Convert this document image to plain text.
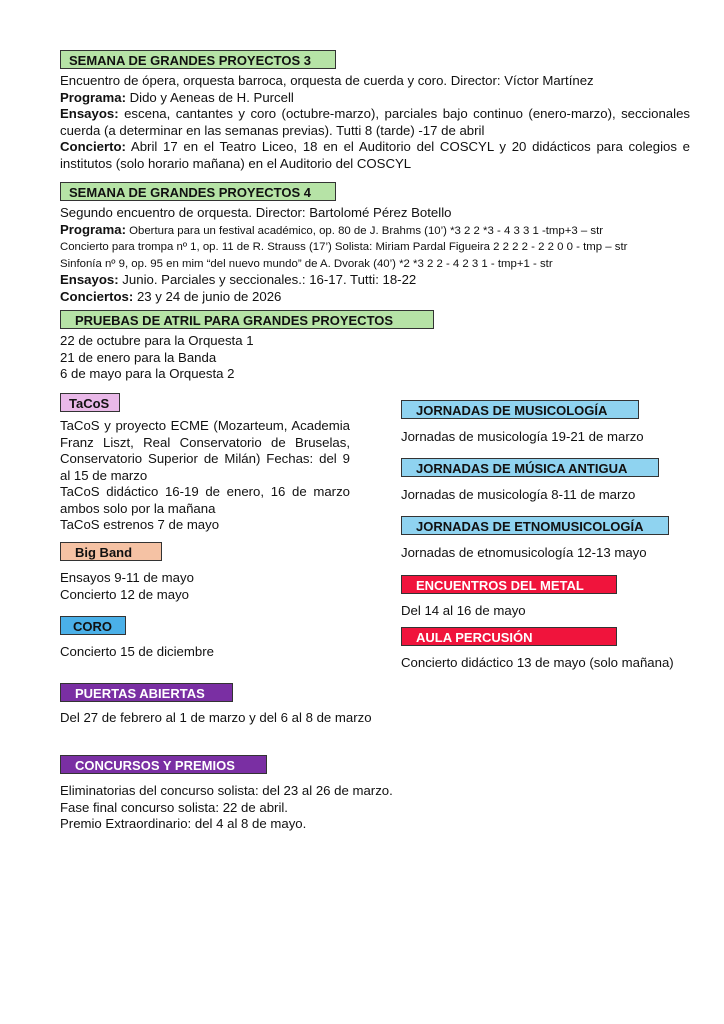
SEMANA DE GRANDES PROYECTOS 3
Encuentro de ópera, orquesta barroca, orquesta de cuerda y coro. Director: Víctor Martínez
Programa: Dido y Aeneas de H. Purcell
Ensayos: escena, cantantes y coro (octubre-marzo), parciales bajo continuo (enero-marzo), seccionales cuerda (a determinar en las semanas previas). Tutti 8 (tarde) -17 de abril
Concierto: Abril 17 en el Teatro Liceo, 18 en el Auditorio del COSCYL y 20 didácticos para colegios e institutos (solo horario mañana) en el Auditorio del COSCYL
SEMANA DE GRANDES PROYECTOS 4
Segundo encuentro de orquesta. Director: Bartolomé Pérez Botello
Programa: Obertura para un festival académico, op. 80 de J. Brahms (10’) *3 2 2 *3 - 4 3 3 1 -tmp+3 – str
Concierto para trompa nº 1, op. 11 de R. Strauss (17’) Solista: Miriam Pardal Figueira 2 2 2 2 - 2 2 0 0 - tmp – str
Sinfonía nº 9, op. 95 en mim “del nuevo mundo” de A. Dvorak (40’) *2 *3 2 2 - 4 2 3 1 - tmp+1 - str
Ensayos: Junio. Parciales y seccionales.: 16-17. Tutti: 18-22
Conciertos: 23 y 24 de junio de 2026
PRUEBAS DE ATRIL PARA GRANDES PROYECTOS
22 de octubre para la Orquesta 1
21 de enero para la Banda
6 de mayo para la Orquesta 2
TaCoS
TaCoS y proyecto ECME (Mozarteum, Academia Franz Liszt, Real Conservatorio de Bruselas, Conservatorio Superior de Milán) Fechas: del 9 al 15 de marzo
TaCoS didáctico 16-19 de enero, 16 de marzo ambos solo por la mañana
TaCoS estrenos 7 de mayo
Big Band
Ensayos 9-11 de mayo
Concierto 12 de mayo
CORO
Concierto 15 de diciembre
PUERTAS ABIERTAS
Del 27 de febrero al 1 de marzo y del 6 al 8 de marzo
CONCURSOS Y PREMIOS
Eliminatorias del concurso solista: del 23 al 26 de marzo.
Fase final concurso solista: 22 de abril.
Premio Extraordinario: del 4 al 8 de mayo.
JORNADAS DE MUSICOLOGÍA
Jornadas de musicología 19-21 de marzo
JORNADAS DE MÚSICA ANTIGUA
Jornadas de musicología 8-11 de marzo
JORNADAS DE ETNOMUSICOLOGÍA
Jornadas de etnomusicología 12-13 mayo
ENCUENTROS DEL METAL
Del 14 al 16 de mayo
AULA PERCUSIÓN
Concierto didáctico 13 de mayo (solo mañana)
